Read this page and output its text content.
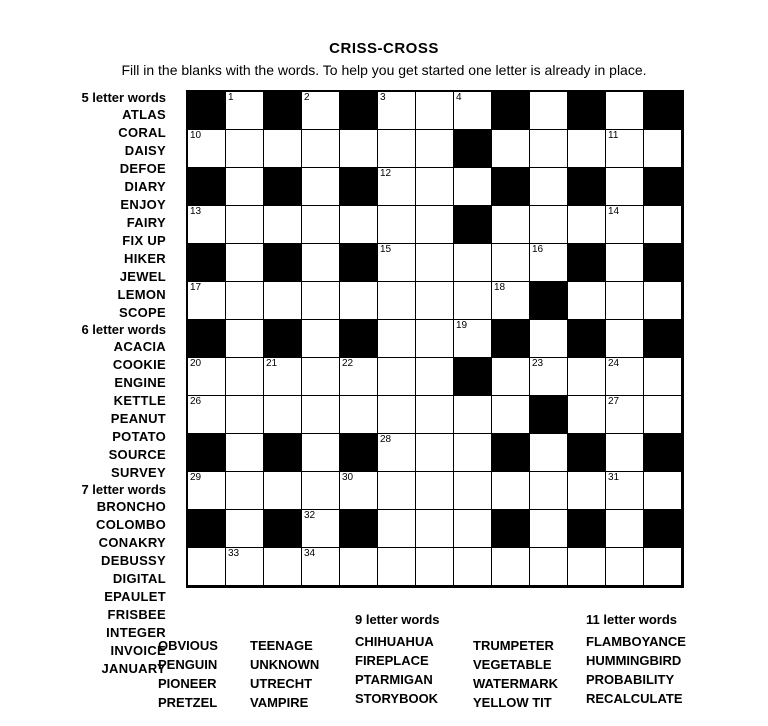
CRISS-CROSS
Fill in the blanks with the words. To help you get started one letter is already in place.
5 letter words
ATLAS
CORAL
DAISY
DEFOE
DIARY
ENJOY
FAIRY
FIX UP
HIKER
JEWEL
LEMON
SCOPE
6 letter words
ACACIA
COOKIE
ENGINE
KETTLE
PEANUT
POTATO
SOURCE
SURVEY
7 letter words
BRONCHO
COLOMBO
CONAKRY
DEBUSSY
DIGITAL
EPAULET
FRISBEE
INTEGER
INVOICE
JANUARY
1	2	3	4
10
A
11
12
13	14
15	16
17	18
19
20	21	22	23	24
26	27
28
29	30	31
32
33	34
OBVIOUS
PENGUIN
PIONEER
PRETZEL
TEENAGE
UNKNOWN
UTRECHT
VAMPIRE
9 letter words
CHIHUAHUA
FIREPLACE
PTARMIGAN
STORYBOOK
TRUMPETER
VEGETABLE
WATERMARK
YELLOW TIT
11 letter words
FLAMBOYANCE
HUMMINGBIRD
PROBABILITY
RECALCULATE
